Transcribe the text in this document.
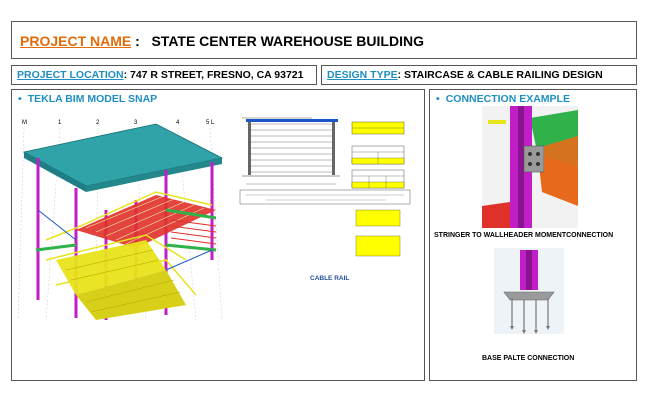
PROJECT NAME : STATE CENTER WAREHOUSE BUILDING
PROJECT LOCATION: 747 R STREET, FRESNO, CA 93721 DESIGN TYPE: STAIRCASE & CABLE RAILING DESIGN
• TEKLA BIM MODEL SNAP
M	1	2	3	4	5 L
CABLE RAIL
• CONNECTION EXAMPLE
STRINGER TO WALLHEADER MOMENTCONNECTION
BASE PALTE CONNECTION
